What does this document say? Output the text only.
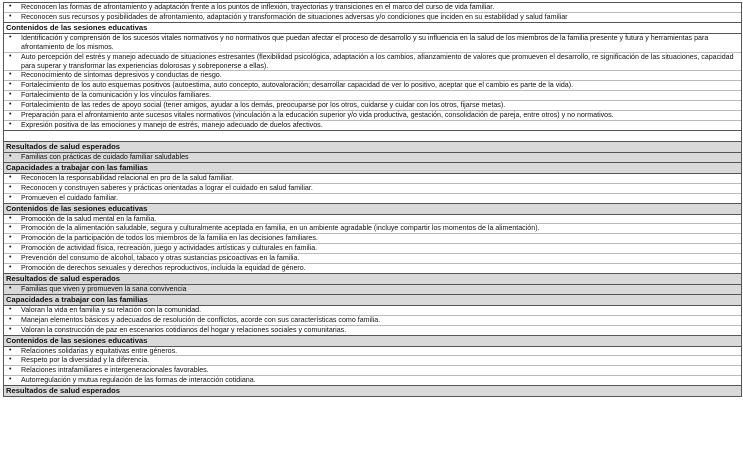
• Reconocen las formas de afrontamiento y adaptación frente a los puntos de inflexión, trayectorias y transiciones en el marco del curso de vida familiar.
• Reconocen sus recursos y posibilidades de afrontamiento, adaptación y transformación de situaciones adversas y/o condiciones que inciden en su estabilidad y salud familiar
Contenidos de las sesiones educativas
• Identificación y comprensión de los sucesos vitales normativos y no normativos que puedan afectar el proceso de desarrollo y su influencia en la salud de los miembros de la familia presente y futura y herramientas para afrontamiento de los mismos.
• Auto percepción del estrés y manejo adecuado de situaciones estresantes (flexibilidad psicológica, adaptación a los cambios, afianzamiento de valores que promueven el desarrollo, re significación de las situaciones, capacidad para superar y transformar las experiencias dolorosas y sobreponerse a ellas).
• Reconocimiento de síntomas depresivos y conductas de riesgo.
• Fortalecimiento de los auto esquemas positivos (autoestima, auto concepto, autovaloración; desarrollar capacidad de ver lo positivo, aceptar que el cambio es parte de la vida).
• Fortalecimiento de la comunicación y los vínculos familiares.
• Fortalecimiento de las redes de apoyo social (tener amigos, ayudar a los demás, preocuparse por los otros, cuidarse y cuidar con los otros, fijarse metas).
• Preparación para el afrontamiento ante sucesos vitales normativos (vinculación a la educación superior y/o vida productiva, gestación, consolidación de pareja, entre otros) y no normativos.
• Expresión positiva de las emociones y manejo de estrés, manejo adecuado de duelos afectivos.
Resultados de salud esperados
• Familias con prácticas de cuidado familiar saludables
Capacidades a trabajar con las familias
• Reconocen la responsabilidad relacional en pro de la salud familiar.
• Reconocen y construyen saberes y prácticas orientadas a lograr el cuidado en salud familiar.
• Promueven el cuidado familiar.
Contenidos de las sesiones educativas
• Promoción de la salud mental en la familia.
• Promoción de la alimentación saludable, segura y culturalmente aceptada en familia, en un ambiente agradable (incluye compartir los momentos de la alimentación).
• Promoción de la participación de todos los miembros de la familia en las decisiones familiares.
• Promoción de actividad física, recreación, juego y actividades artísticas y culturales en familia.
• Prevención del consumo de alcohol, tabaco y otras sustancias psicoactivas en la familia.
• Promoción de derechos sexuales y derechos reproductivos, incluida la equidad de género.
Resultados de salud esperados
• Familias que viven y promueven la sana convivencia
Capacidades a trabajar con las familias
• Valoran la vida en familia y su relación con la comunidad.
• Manejan elementos básicos y adecuados de resolución de conflictos, acorde con sus características como familia.
• Valoran la construcción de paz en escenarios cotidianos del hogar y relaciones sociales y comunitarias.
Contenidos de las sesiones educativas
• Relaciones solidarias y equitativas entre géneros.
• Respeto por la diversidad y la diferencia.
• Relaciones intrafamiliares e intergeneracionales favorables.
• Autorregulación y mutua regulación de las formas de interacción cotidiana.
Resultados de salud esperados
